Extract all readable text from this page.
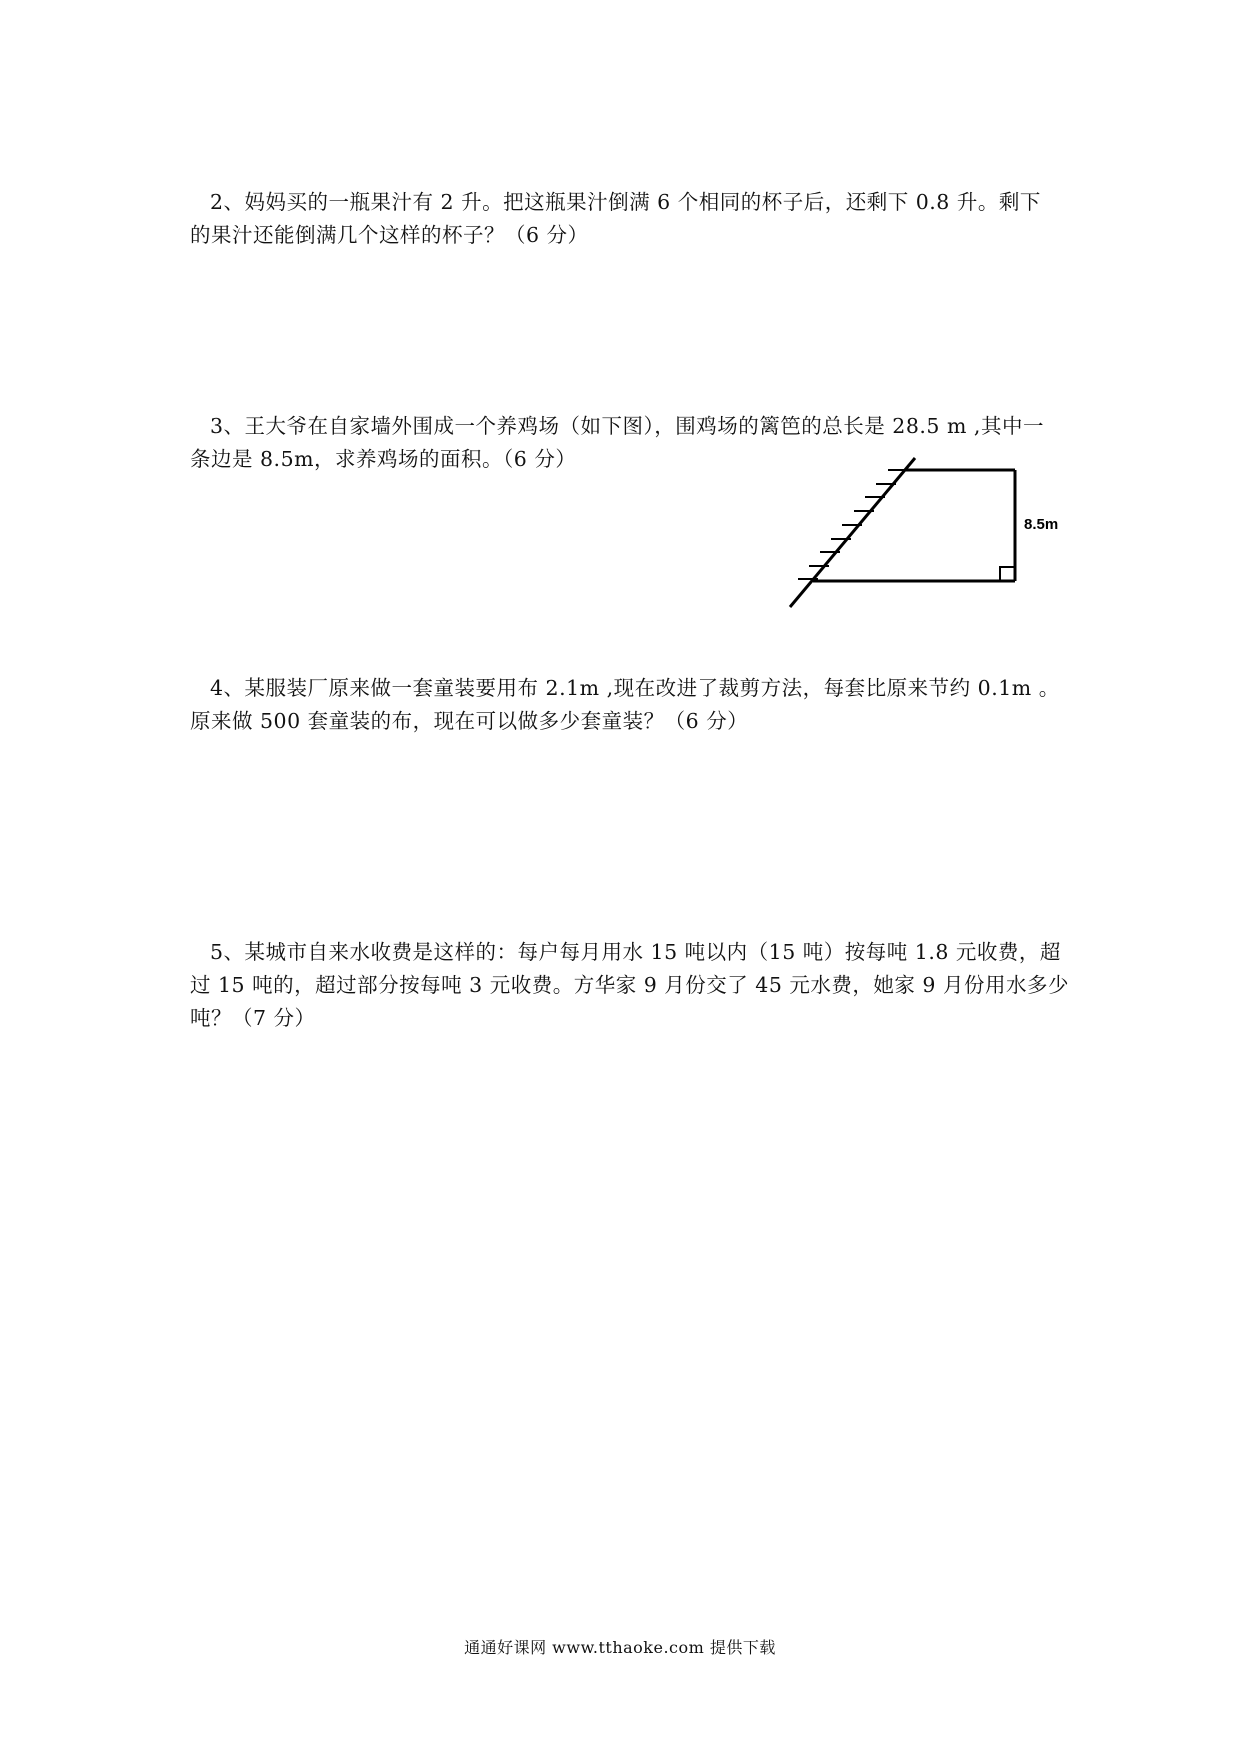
2、妈妈买的一瓶果汁有 2 升。把这瓶果汁倒满 6 个相同的杯子后，还剩下 0.8 升。剩下
的果汁还能倒满几个这样的杯子？（6 分）
3、王大爷在自家墙外围成一个养鸡场（如下图），围鸡场的篱笆的总长是 28.5 m ,其中一
条边是 8.5m，求养鸡场的面积。（6 分）
8.5m
4、某服装厂原来做一套童装要用布 2.1m ,现在改进了裁剪方法，每套比原来节约 0.1m 。
原来做 500 套童装的布，现在可以做多少套童装？（6 分）
5、某城市自来水收费是这样的：每户每月用水 15 吨以内（15 吨）按每吨 1.8 元收费，超
过 15 吨的，超过部分按每吨 3 元收费。方华家 9 月份交了 45 元水费，她家 9 月份用水多少
吨？（7 分）
通通好课网 www.tthaoke.com 提供下载
